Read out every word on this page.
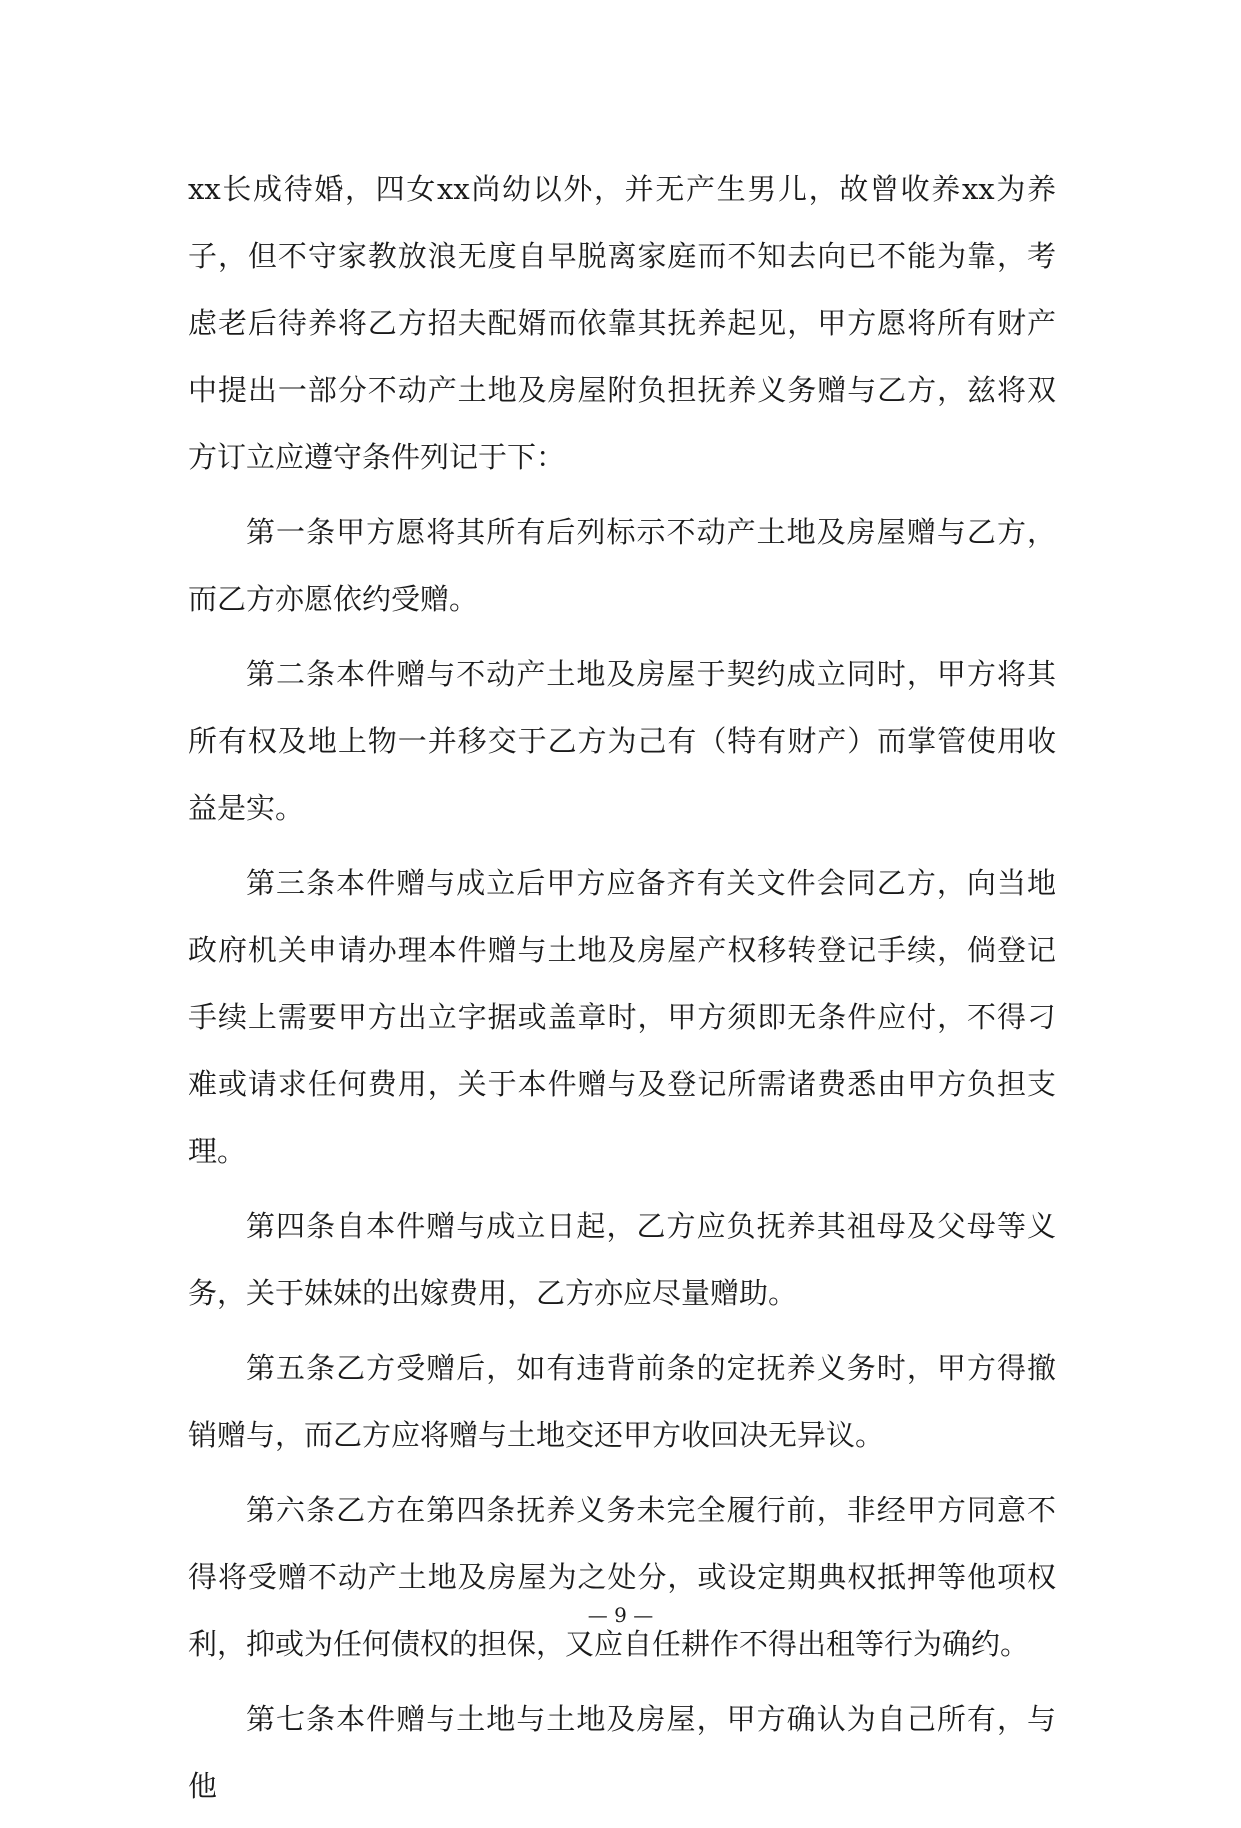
xx长成待婚，四女xx尚幼以外，并无产生男儿，故曾收养xx为养子，但不守家教放浪无度自早脱离家庭而不知去向已不能为靠，考虑老后待养将乙方招夫配婿而依靠其抚养起见，甲方愿将所有财产中提出一部分不动产土地及房屋附负担抚养义务赠与乙方，兹将双方订立应遵守条件列记于下：

第一条甲方愿将其所有后列标示不动产土地及房屋赠与乙方，而乙方亦愿依约受赠。

第二条本件赠与不动产土地及房屋于契约成立同时，甲方将其所有权及地上物一并移交于乙方为己有（特有财产）而掌管使用收益是实。

第三条本件赠与成立后甲方应备齐有关文件会同乙方，向当地政府机关申请办理本件赠与土地及房屋产权移转登记手续，倘登记手续上需要甲方出立字据或盖章时，甲方须即无条件应付，不得刁难或请求任何费用，关于本件赠与及登记所需诸费悉由甲方负担支理。

第四条自本件赠与成立日起，乙方应负抚养其祖母及父母等义务，关于妹妹的出嫁费用，乙方亦应尽量赠助。

第五条乙方受赠后，如有违背前条的定抚养义务时，甲方得撤销赠与，而乙方应将赠与土地交还甲方收回决无异议。

第六条乙方在第四条抚养义务未完全履行前，非经甲方同意不得将受赠不动产土地及房屋为之处分，或设定期典权抵押等他项权利，抑或为任何债权的担保，又应自任耕作不得出租等行为确约。

第七条本件赠与土地与土地及房屋，甲方确认为自己所有，与他

— 9 —
